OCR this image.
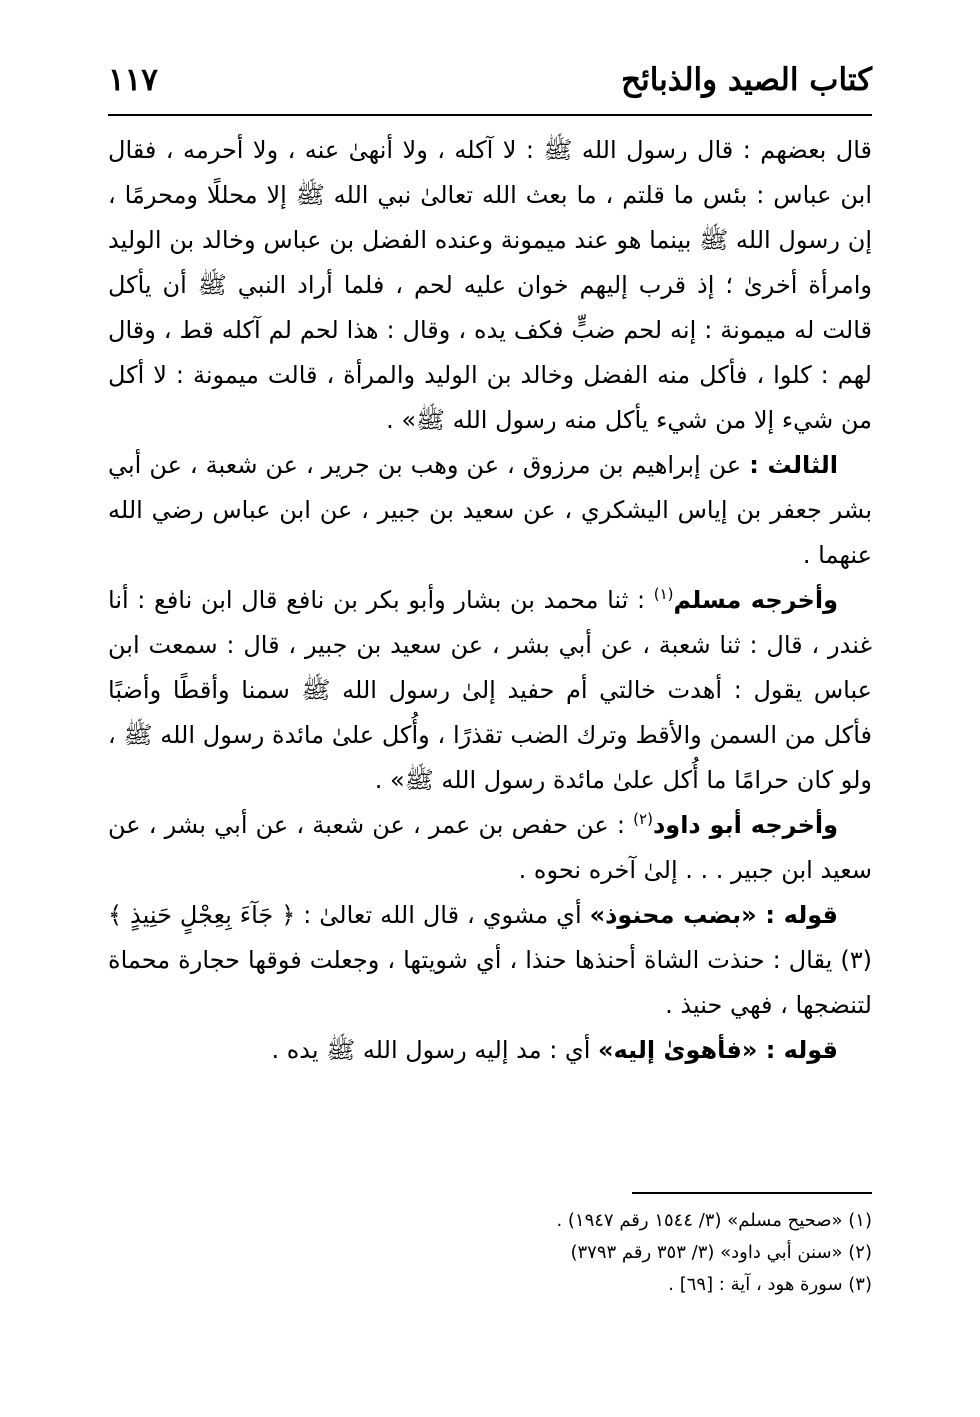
كتاب الصيد والذبائح
١١٧

قال بعضهم : قال رسول الله ﷺ : لا آكله ، ولا أنهىٰ عنه ، ولا أحرمه ، فقال ابن عباس : بئس ما قلتم ، ما بعث الله تعالىٰ نبي الله ﷺ إلا محللًا ومحرمًا ، إن رسول الله ﷺ بينما هو عند ميمونة وعنده الفضل بن عباس وخالد بن الوليد وامرأة أخرىٰ ؛ إذ قرب إليهم خوان عليه لحم ، فلما أراد النبي ﷺ أن يأكل قالت له ميمونة : إنه لحم ضبٍّ فكف يده ، وقال : هذا لحم لم آكله قط ، وقال لهم : كلوا ، فأكل منه الفضل وخالد بن الوليد والمرأة ، قالت ميمونة : لا أكل من شيء إلا من شيء يأكل منه رسول الله ﷺ» .

الثالث : عن إبراهيم بن مرزوق ، عن وهب بن جرير ، عن شعبة ، عن أبي بشر جعفر بن إياس اليشكري ، عن سعيد بن جبير ، عن ابن عباس رضي الله عنهما .

وأخرجه مسلم$^{(١)}$ : ثنا محمد بن بشار وأبو بكر بن نافع قال ابن نافع : أنا غندر ، قال : ثنا شعبة ، عن أبي بشر ، عن سعيد بن جبير ، قال : سمعت ابن عباس يقول : أهدت خالتي أم حفيد إلىٰ رسول الله ﷺ سمنا وأقطًا وأضبًا فأكل من السمن والأقط وترك الضب تقذرًا ، وأُكل علىٰ مائدة رسول الله ﷺ ، ولو كان حرامًا ما أُكل علىٰ مائدة رسول الله ﷺ» .

وأخرجه أبو داود$^{(٢)}$ : عن حفص بن عمر ، عن شعبة ، عن أبي بشر ، عن سعيد ابن جبير . . . إلىٰ آخره نحوه .

قوله : «بضب محنوذ» أي مشوي ، قال الله تعالىٰ : ﴿ جَآءَ بِعِجْلٍ حَنِيذٍ ﴾(٣) يقال : حنذت الشاة أحنذها حنذا ، أي شويتها ، وجعلت فوقها حجارة محماة لتنضجها ، فهي حنيذ .

قوله : «فأهوىٰ إليه» أي : مد إليه رسول الله ﷺ يده .

(١) «صحيح مسلم» (٣/ ١٥٤٤ رقم ١٩٤٧) .
(٢) «سنن أبي داود» (٣/ ٣٥٣ رقم ٣٧٩٣)
(٣) سورة هود ، آية : [٦٩] .
